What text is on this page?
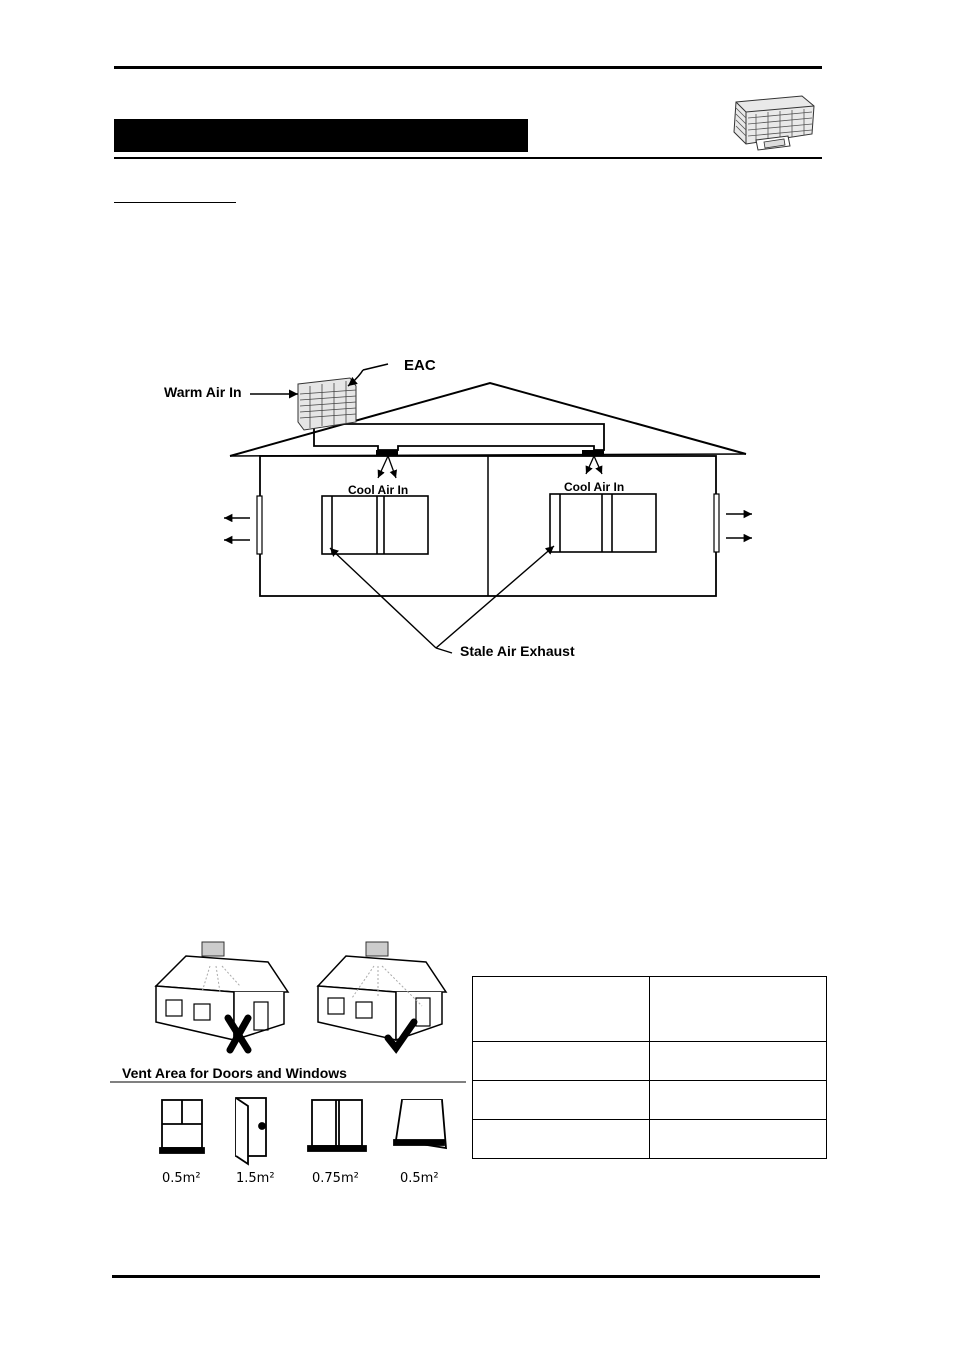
EAC
Warm Air In
Cool Air In	Cool Air In
Stale Air Exhaust
Vent Area for Doors and Windows
0.5m²	1.5m²	0.75m²	0.5m²
